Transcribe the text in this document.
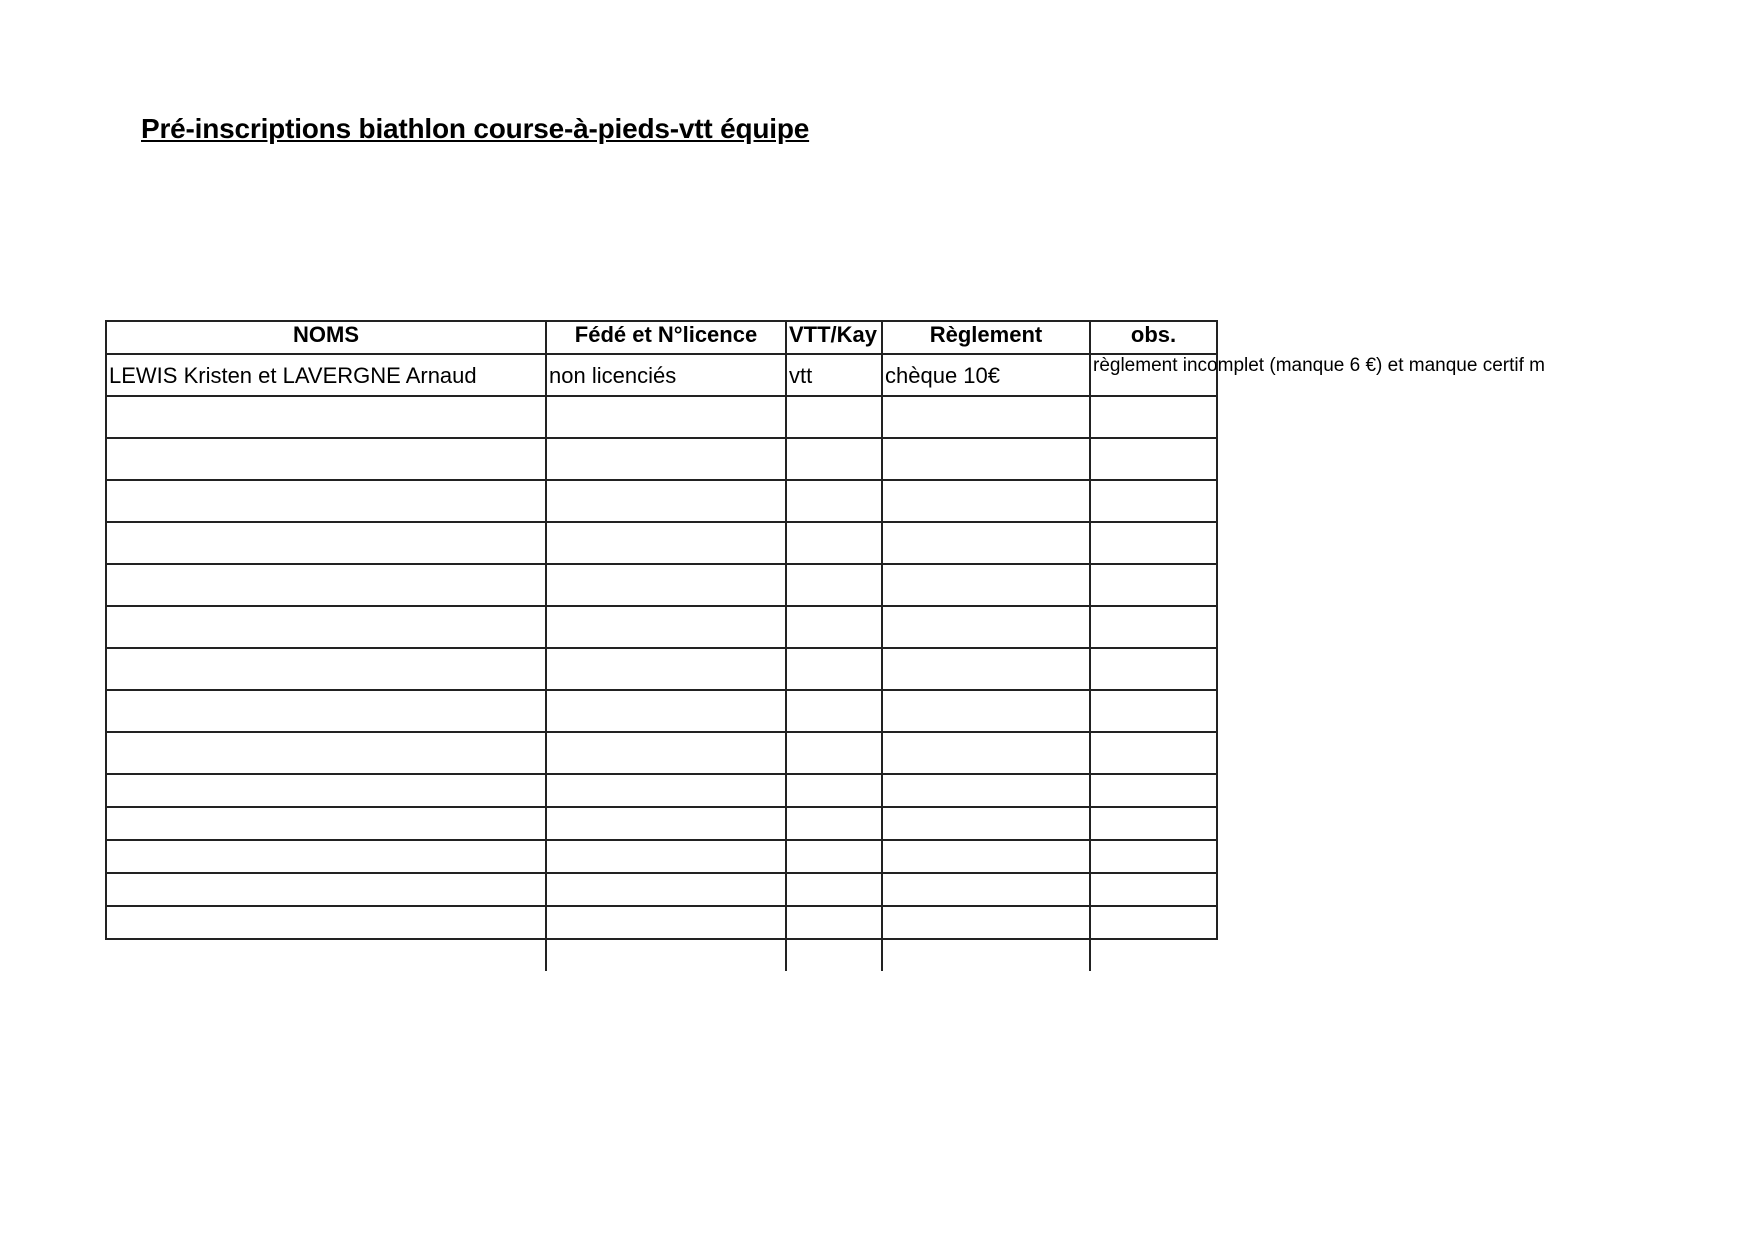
Pré-inscriptions biathlon course-à-pieds-vtt équipe
NOMS	Fédé et N°licence	VTT/Kay	Règlement	obs.
LEWIS Kristen et LAVERGNE Arnaud	non licenciés	vtt	chèque 10€	règlement incomplet (manque 6 €) et manque certif m
